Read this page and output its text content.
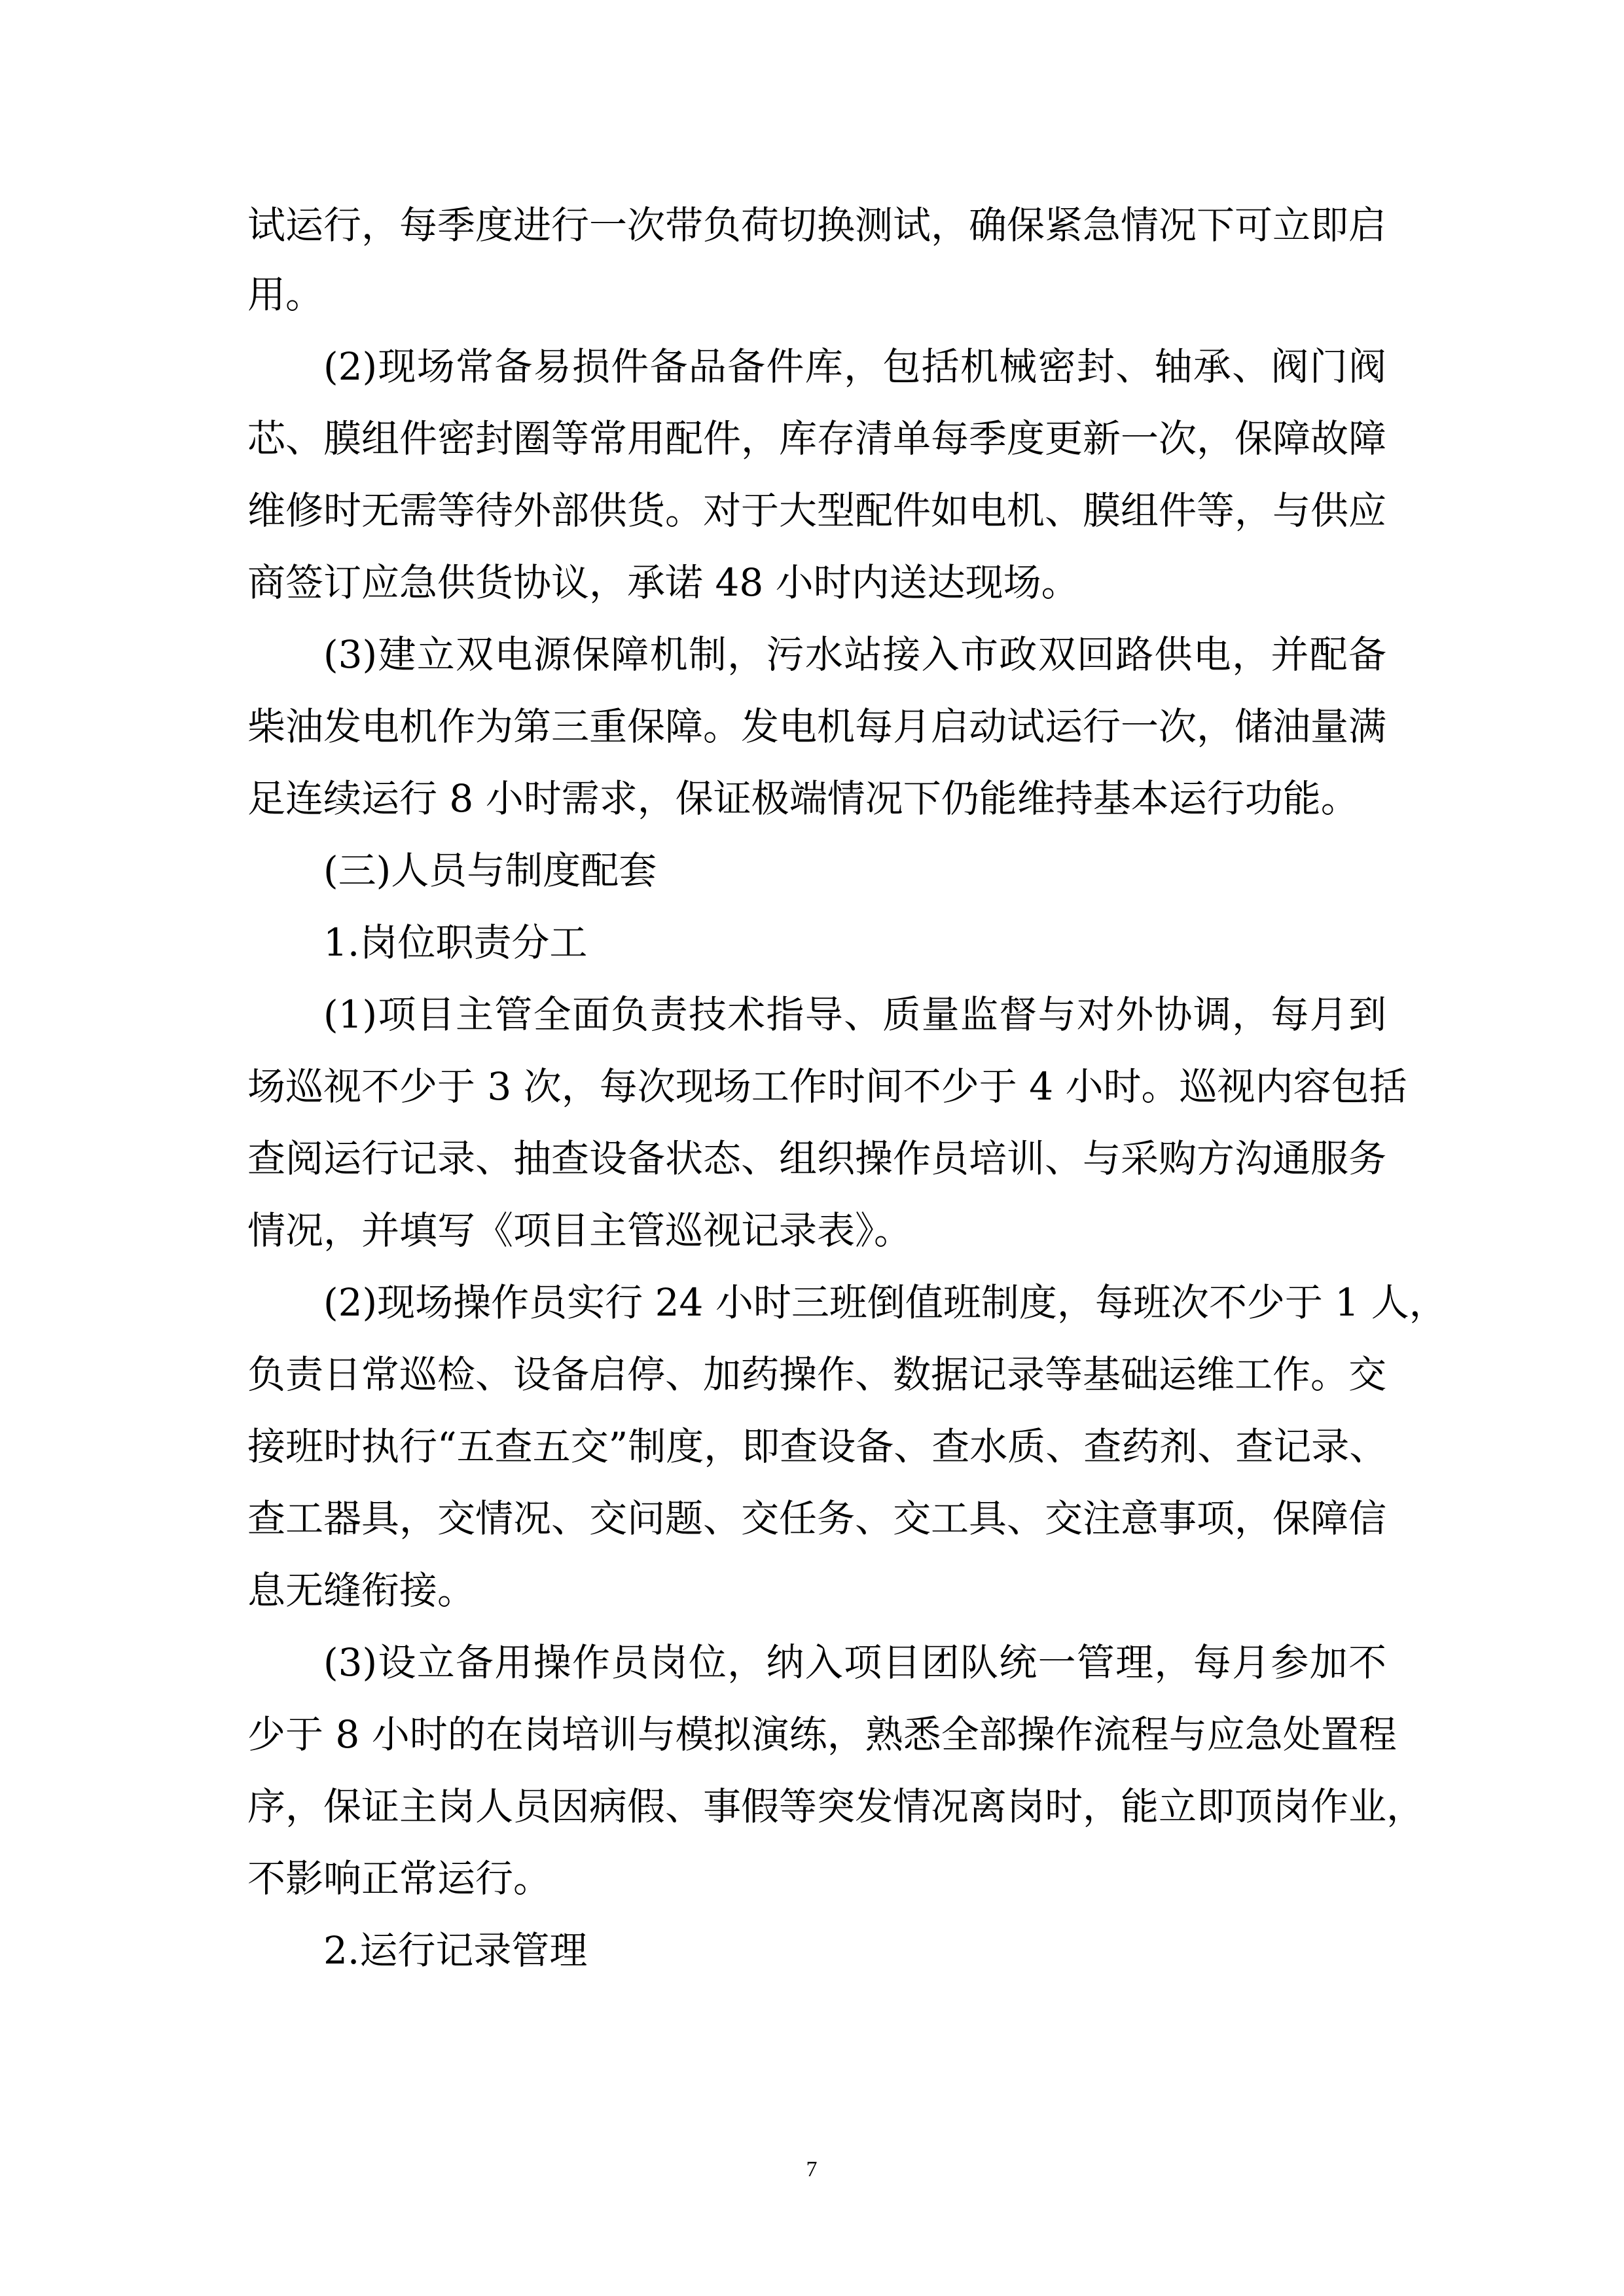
试运行，每季度进行一次带负荷切换测试，确保紧急情况下可立即启
用。
(2)现场常备易损件备品备件库，包括机械密封、轴承、阀门阀
芯、膜组件密封圈等常用配件，库存清单每季度更新一次，保障故障
维修时无需等待外部供货。对于大型配件如电机、膜组件等，与供应
商签订应急供货协议，承诺 48 小时内送达现场。
(3)建立双电源保障机制，污水站接入市政双回路供电，并配备
柴油发电机作为第三重保障。发电机每月启动试运行一次，储油量满
足连续运行 8 小时需求，保证极端情况下仍能维持基本运行功能。
(三)人员与制度配套
1.岗位职责分工
(1)项目主管全面负责技术指导、质量监督与对外协调，每月到
场巡视不少于 3 次，每次现场工作时间不少于 4 小时。巡视内容包括
查阅运行记录、抽查设备状态、组织操作员培训、与采购方沟通服务
情况，并填写《项目主管巡视记录表》。
(2)现场操作员实行 24 小时三班倒值班制度，每班次不少于 1 人，
负责日常巡检、设备启停、加药操作、数据记录等基础运维工作。交
接班时执行“五查五交”制度，即查设备、查水质、查药剂、查记录、
查工器具，交情况、交问题、交任务、交工具、交注意事项，保障信
息无缝衔接。
(3)设立备用操作员岗位，纳入项目团队统一管理，每月参加不
少于 8 小时的在岗培训与模拟演练，熟悉全部操作流程与应急处置程
序，保证主岗人员因病假、事假等突发情况离岗时，能立即顶岗作业，
不影响正常运行。
2.运行记录管理
7
